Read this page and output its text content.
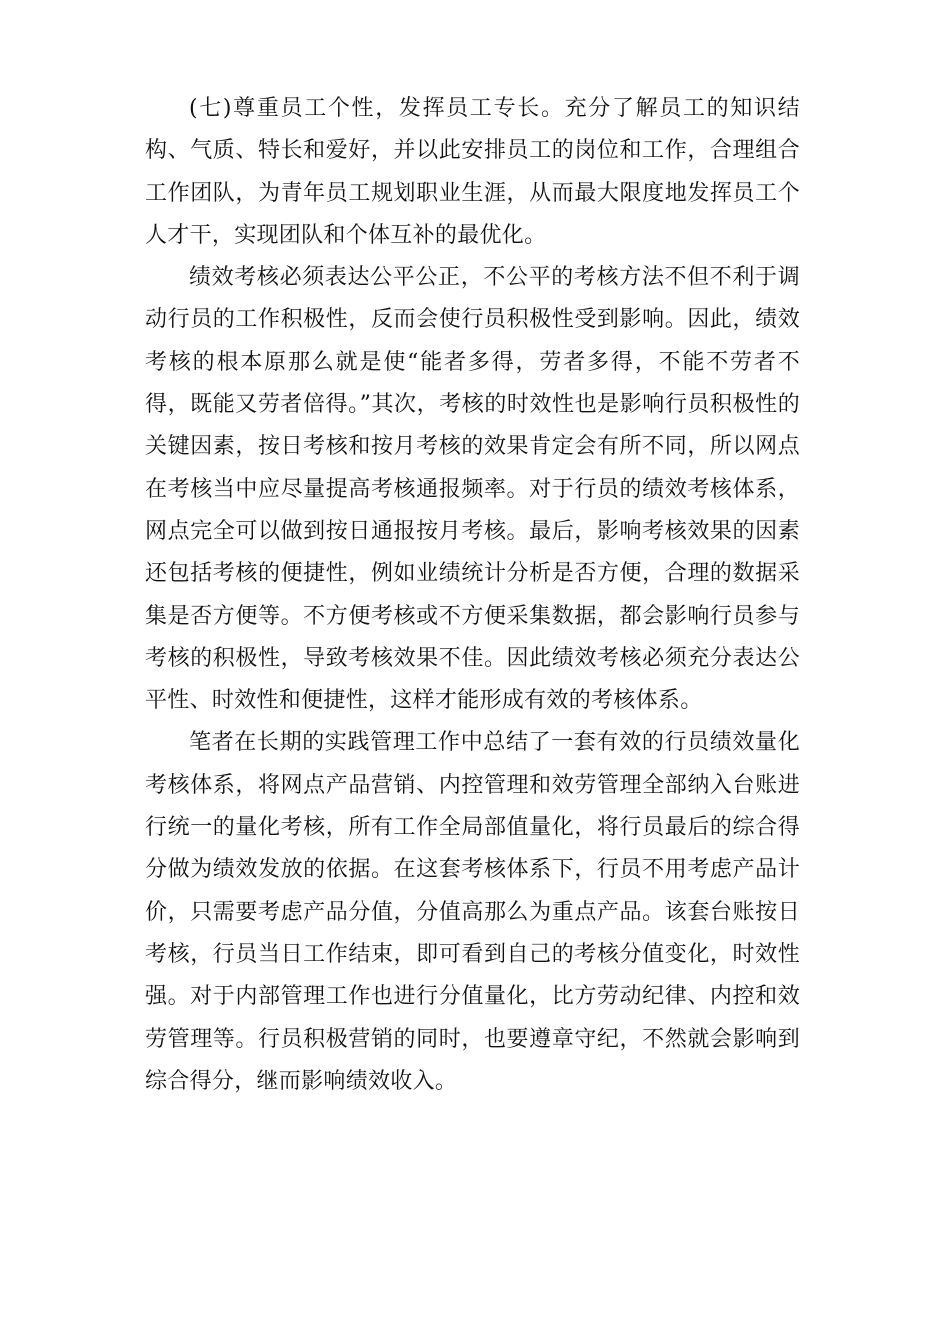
(七)尊重员工个性，发挥员工专长。充分了解员工的知识结构、气质、特长和爱好，并以此安排员工的岗位和工作，合理组合工作团队，为青年员工规划职业生涯，从而最大限度地发挥员工个人才干，实现团队和个体互补的最优化。

绩效考核必须表达公平公正，不公平的考核方法不但不利于调动行员的工作积极性，反而会使行员积极性受到影响。因此，绩效考核的根本原那么就是使“能者多得，劳者多得，不能不劳者不得，既能又劳者倍得。”其次，考核的时效性也是影响行员积极性的关键因素，按日考核和按月考核的效果肯定会有所不同，所以网点在考核当中应尽量提高考核通报频率。对于行员的绩效考核体系，网点完全可以做到按日通报按月考核。最后，影响考核效果的因素还包括考核的便捷性，例如业绩统计分析是否方便，合理的数据采集是否方便等。不方便考核或不方便采集数据，都会影响行员参与考核的积极性，导致考核效果不佳。因此绩效考核必须充分表达公平性、时效性和便捷性，这样才能形成有效的考核体系。

笔者在长期的实践管理工作中总结了一套有效的行员绩效量化考核体系，将网点产品营销、内控管理和效劳管理全部纳入台账进行统一的量化考核，所有工作全局部值量化，将行员最后的综合得分做为绩效发放的依据。在这套考核体系下，行员不用考虑产品计价，只需要考虑产品分值，分值高那么为重点产品。该套台账按日考核，行员当日工作结束，即可看到自己的考核分值变化，时效性强。对于内部管理工作也进行分值量化，比方劳动纪律、内控和效劳管理等。行员积极营销的同时，也要遵章守纪，不然就会影响到综合得分，继而影响绩效收入。
